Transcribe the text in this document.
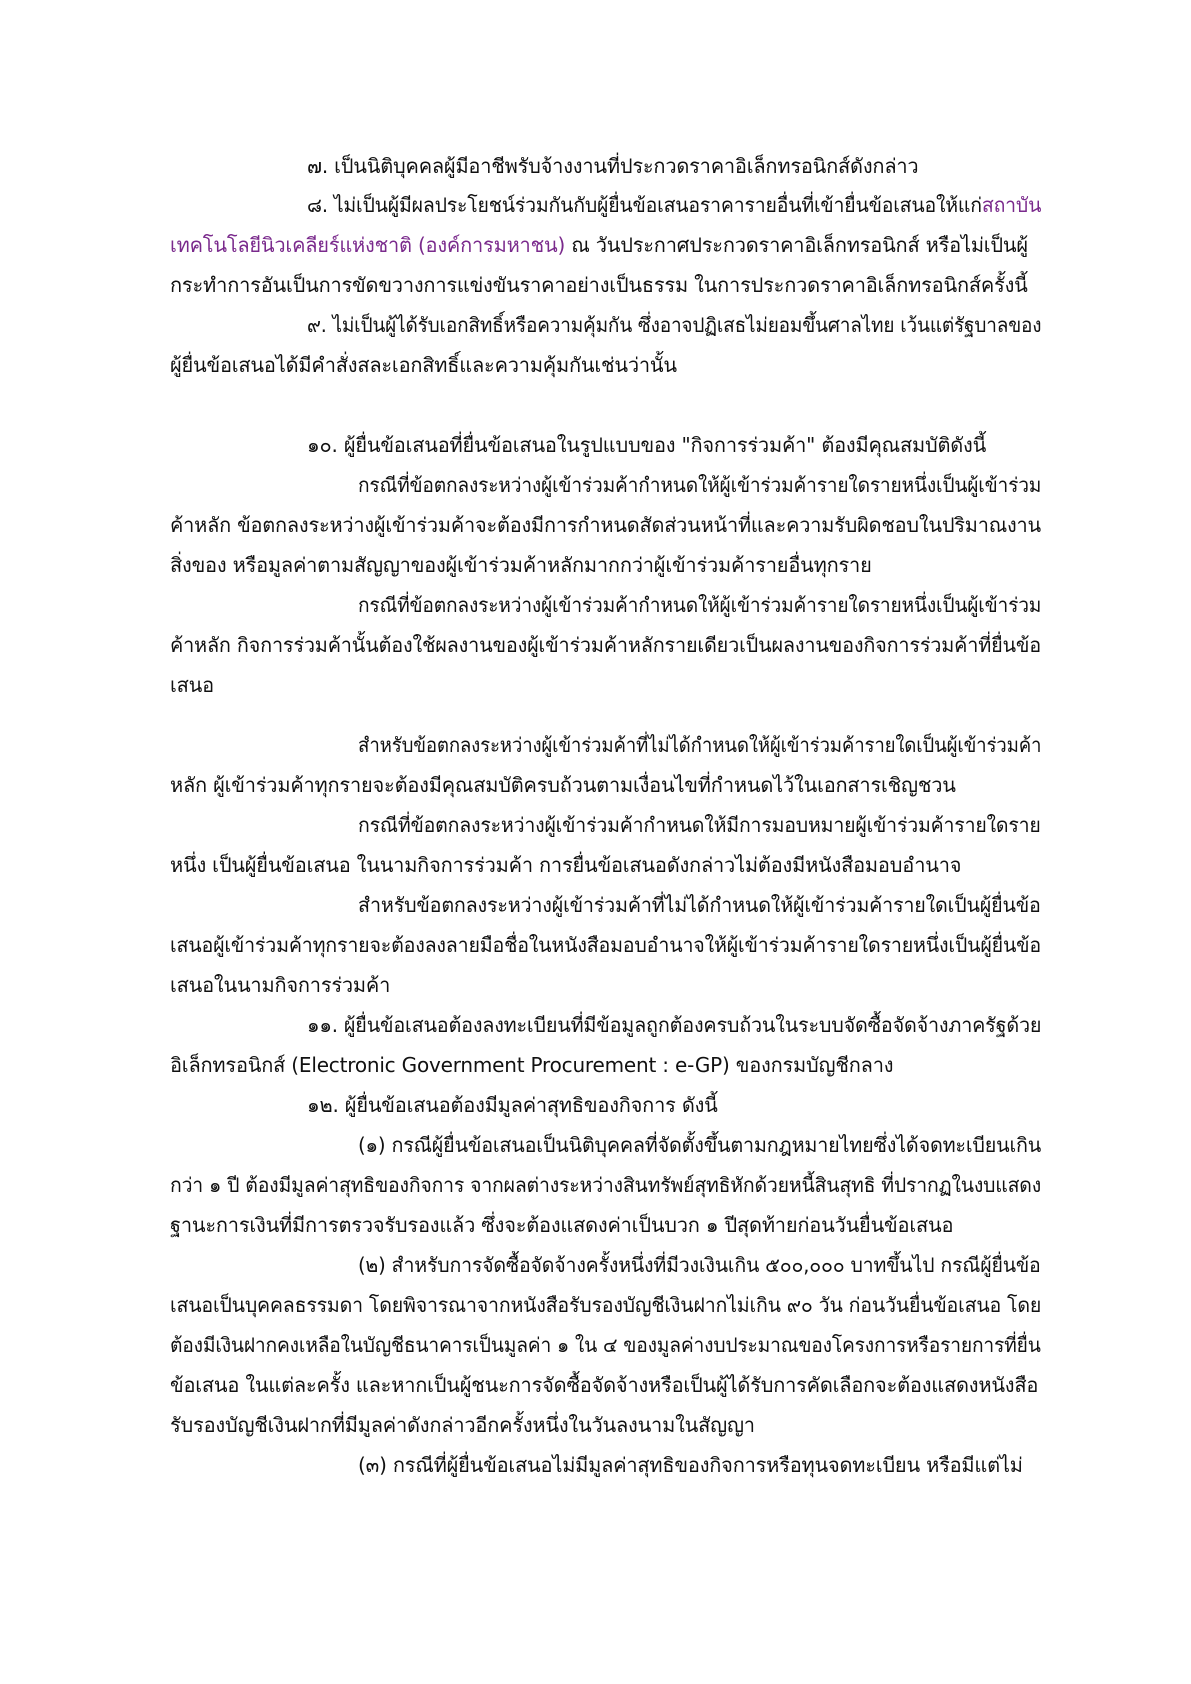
๗. เป็นนิติบุคคลผู้มีอาชีพรับจ้างงานที่ประกวดราคาอิเล็กทรอนิกส์ดังกล่าว
๘. ไม่เป็นผู้มีผลประโยชน์ร่วมกันกับผู้ยื่นข้อเสนอราคารายอื่นที่เข้ายื่นข้อเสนอให้แก่สถาบัน
เทคโนโลยีนิวเคลียร์แห่งชาติ (องค์การมหาชน) ณ วันประกาศประกวดราคาอิเล็กทรอนิกส์ หรือไม่เป็นผู้
กระทำการอันเป็นการขัดขวางการแข่งขันราคาอย่างเป็นธรรม ในการประกวดราคาอิเล็กทรอนิกส์ครั้งนี้
๙. ไม่เป็นผู้ได้รับเอกสิทธิ์หรือความคุ้มกัน ซึ่งอาจปฏิเสธไม่ยอมขึ้นศาลไทย เว้นแต่รัฐบาลของ
ผู้ยื่นข้อเสนอได้มีคำสั่งสละเอกสิทธิ์และความคุ้มกันเช่นว่านั้น
๑๐. ผู้ยื่นข้อเสนอที่ยื่นข้อเสนอในรูปแบบของ "กิจการร่วมค้า" ต้องมีคุณสมบัติดังนี้
กรณีที่ข้อตกลงระหว่างผู้เข้าร่วมค้ากำหนดให้ผู้เข้าร่วมค้ารายใดรายหนึ่งเป็นผู้เข้าร่วม
ค้าหลัก ข้อตกลงระหว่างผู้เข้าร่วมค้าจะต้องมีการกำหนดสัดส่วนหน้าที่และความรับผิดชอบในปริมาณงาน
สิ่งของ หรือมูลค่าตามสัญญาของผู้เข้าร่วมค้าหลักมากกว่าผู้เข้าร่วมค้ารายอื่นทุกราย
กรณีที่ข้อตกลงระหว่างผู้เข้าร่วมค้ากำหนดให้ผู้เข้าร่วมค้ารายใดรายหนึ่งเป็นผู้เข้าร่วม
ค้าหลัก กิจการร่วมค้านั้นต้องใช้ผลงานของผู้เข้าร่วมค้าหลักรายเดียวเป็นผลงานของกิจการร่วมค้าที่ยื่นข้อ
เสนอ
สำหรับข้อตกลงระหว่างผู้เข้าร่วมค้าที่ไม่ได้กำหนดให้ผู้เข้าร่วมค้ารายใดเป็นผู้เข้าร่วมค้า
หลัก ผู้เข้าร่วมค้าทุกรายจะต้องมีคุณสมบัติครบถ้วนตามเงื่อนไขที่กำหนดไว้ในเอกสารเชิญชวน
กรณีที่ข้อตกลงระหว่างผู้เข้าร่วมค้ากำหนดให้มีการมอบหมายผู้เข้าร่วมค้ารายใดราย
หนึ่ง เป็นผู้ยื่นข้อเสนอ ในนามกิจการร่วมค้า การยื่นข้อเสนอดังกล่าวไม่ต้องมีหนังสือมอบอำนาจ
สำหรับข้อตกลงระหว่างผู้เข้าร่วมค้าที่ไม่ได้กำหนดให้ผู้เข้าร่วมค้ารายใดเป็นผู้ยื่นข้อ
เสนอผู้เข้าร่วมค้าทุกรายจะต้องลงลายมือชื่อในหนังสือมอบอำนาจให้ผู้เข้าร่วมค้ารายใดรายหนึ่งเป็นผู้ยื่นข้อ
เสนอในนามกิจการร่วมค้า
๑๑. ผู้ยื่นข้อเสนอต้องลงทะเบียนที่มีข้อมูลถูกต้องครบถ้วนในระบบจัดซื้อจัดจ้างภาครัฐด้วย
อิเล็กทรอนิกส์ (Electronic Government Procurement : e-GP) ของกรมบัญชีกลาง
๑๒. ผู้ยื่นข้อเสนอต้องมีมูลค่าสุทธิของกิจการ ดังนี้
(๑) กรณีผู้ยื่นข้อเสนอเป็นนิติบุคคลที่จัดตั้งขึ้นตามกฎหมายไทยซึ่งได้จดทะเบียนเกิน
กว่า ๑ ปี ต้องมีมูลค่าสุทธิของกิจการ จากผลต่างระหว่างสินทรัพย์สุทธิหักด้วยหนี้สินสุทธิ ที่ปรากฏในงบแสดง
ฐานะการเงินที่มีการตรวจรับรองแล้ว ซึ่งจะต้องแสดงค่าเป็นบวก ๑ ปีสุดท้ายก่อนวันยื่นข้อเสนอ
(๒) สำหรับการจัดซื้อจัดจ้างครั้งหนึ่งที่มีวงเงินเกิน ๕๐๐,๐๐๐ บาทขึ้นไป กรณีผู้ยื่นข้อ
เสนอเป็นบุคคลธรรมดา โดยพิจารณาจากหนังสือรับรองบัญชีเงินฝากไม่เกิน ๙๐ วัน ก่อนวันยื่นข้อเสนอ โดย
ต้องมีเงินฝากคงเหลือในบัญชีธนาคารเป็นมูลค่า ๑ ใน ๔ ของมูลค่างบประมาณของโครงการหรือรายการที่ยื่น
ข้อเสนอ ในแต่ละครั้ง และหากเป็นผู้ชนะการจัดซื้อจัดจ้างหรือเป็นผู้ได้รับการคัดเลือกจะต้องแสดงหนังสือ
รับรองบัญชีเงินฝากที่มีมูลค่าดังกล่าวอีกครั้งหนึ่งในวันลงนามในสัญญา
(๓) กรณีที่ผู้ยื่นข้อเสนอไม่มีมูลค่าสุทธิของกิจการหรือทุนจดทะเบียน หรือมีแต่ไม่
